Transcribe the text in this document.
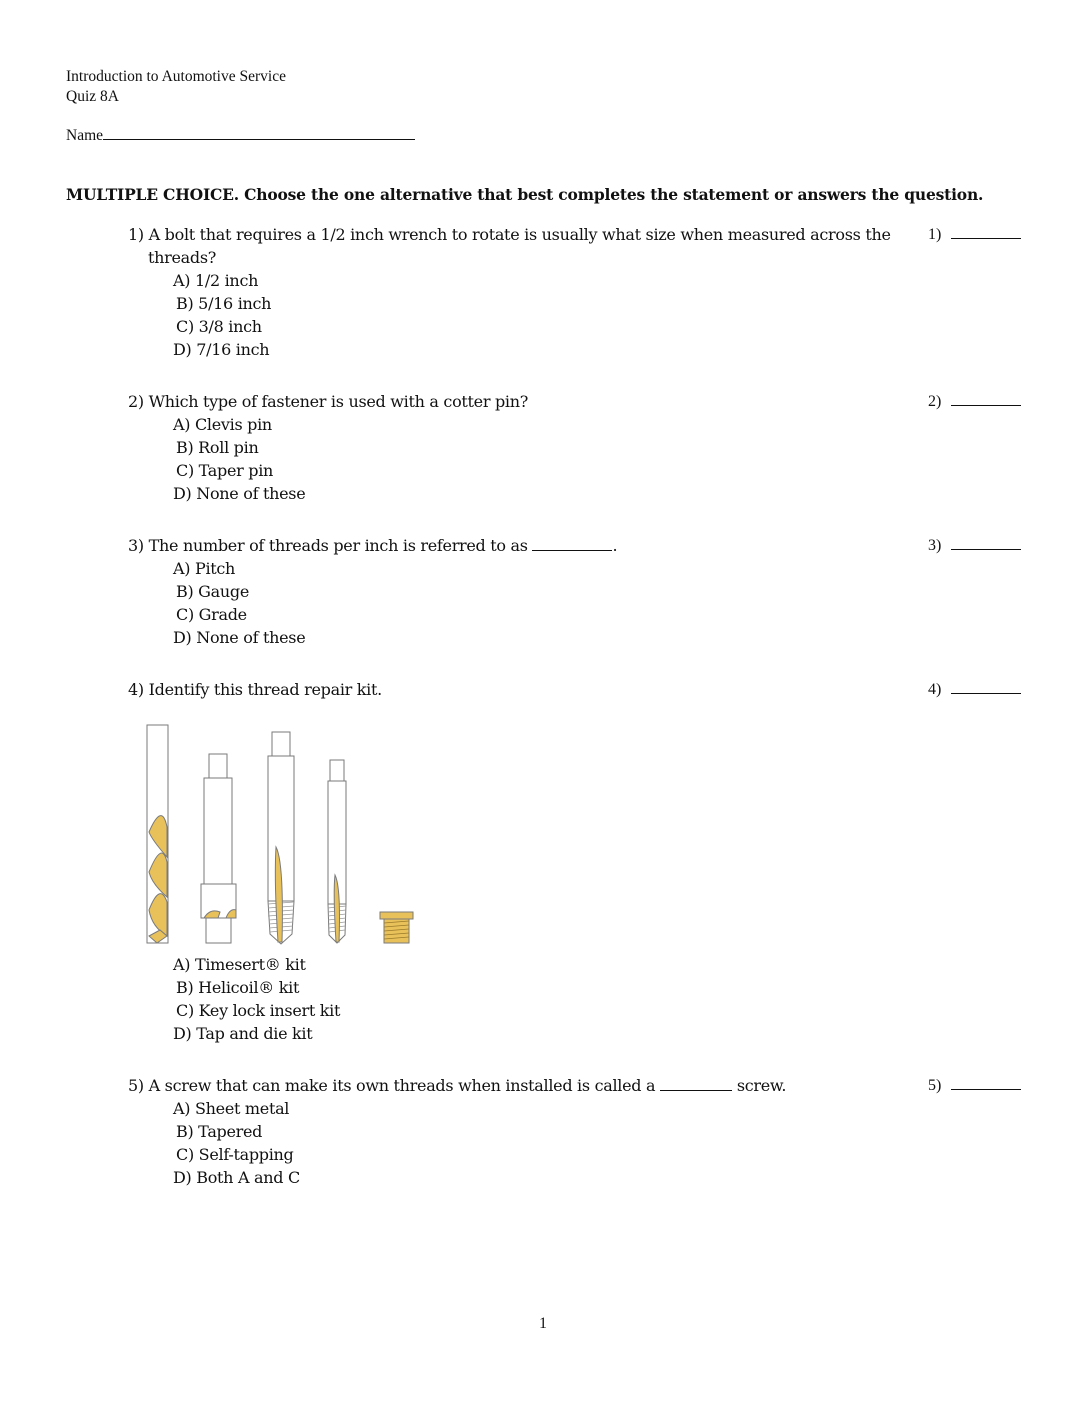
Introduction to Automotive Service
Quiz 8A
Name
MULTIPLE CHOICE. Choose the one alternative that best completes the statement or answers the question.
1) A bolt that requires a 1/2 inch wrench to rotate is usually what size when measured across the
threads?
A) 1/2 inch
B) 5/16 inch
C) 3/8 inch
D) 7/16 inch
1)
2) Which type of fastener is used with a cotter pin?
A) Clevis pin
B) Roll pin
C) Taper pin
D) None of these
2)
3) The number of threads per inch is referred to as	.
A) Pitch
B) Gauge
C) Grade
D) None of these
3)
4) Identify this thread repair kit.	4)
A) Timesert® kit
B) Helicoil® kit
C) Key lock insert kit
D) Tap and die kit
5) A screw that can make its own threads when installed is called a	screw.
A) Sheet metal
B) Tapered
C) Self-tapping
D) Both A and C
5)
1
